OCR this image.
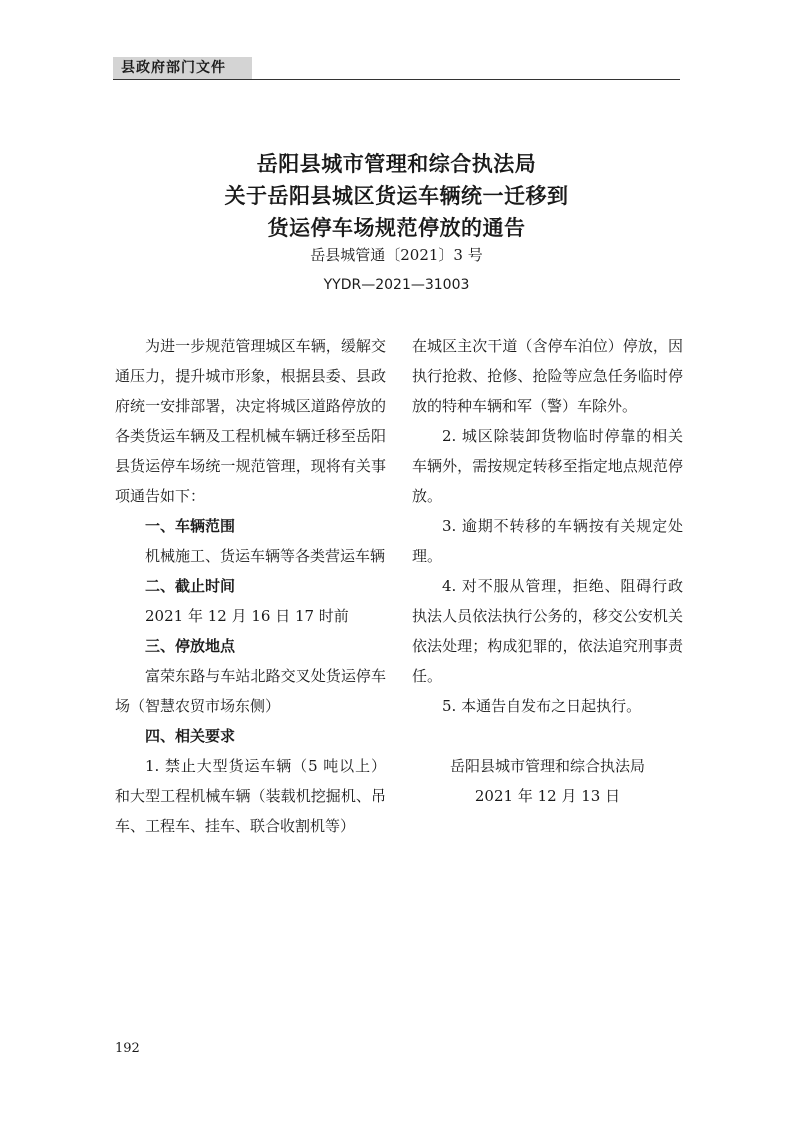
县政府部门文件
岳阳县城市管理和综合执法局
关于岳阳县城区货运车辆统一迁移到
货运停车场规范停放的通告
岳县城管通〔2021〕3 号
YYDR—2021—31003

为进一步规范管理城区车辆，缓解交通压力，提升城市形象，根据县委、县政府统一安排部署，决定将城区道路停放的各类货运车辆及工程机械车辆迁移至岳阳县货运停车场统一规范管理，现将有关事项通告如下：

一、车辆范围

机械施工、货运车辆等各类营运车辆

二、截止时间

2021 年 12 月 16 日 17 时前

三、停放地点

富荣东路与车站北路交叉处货运停车场（智慧农贸市场东侧）

四、相关要求

1. 禁止大型货运车辆（5 吨以上）和大型工程机械车辆（装载机挖掘机、吊车、工程车、挂车、联合收割机等）

在城区主次干道（含停车泊位）停放，因执行抢救、抢修、抢险等应急任务临时停放的特种车辆和军（警）车除外。

2. 城区除装卸货物临时停靠的相关车辆外，需按规定转移至指定地点规范停放。

3. 逾期不转移的车辆按有关规定处理。

4. 对不服从管理，拒绝、阻碍行政执法人员依法执行公务的，移交公安机关依法处理；构成犯罪的，依法追究刑事责任。

5. 本通告自发布之日起执行。

岳阳县城市管理和综合执法局

2021 年 12 月 13 日

192
